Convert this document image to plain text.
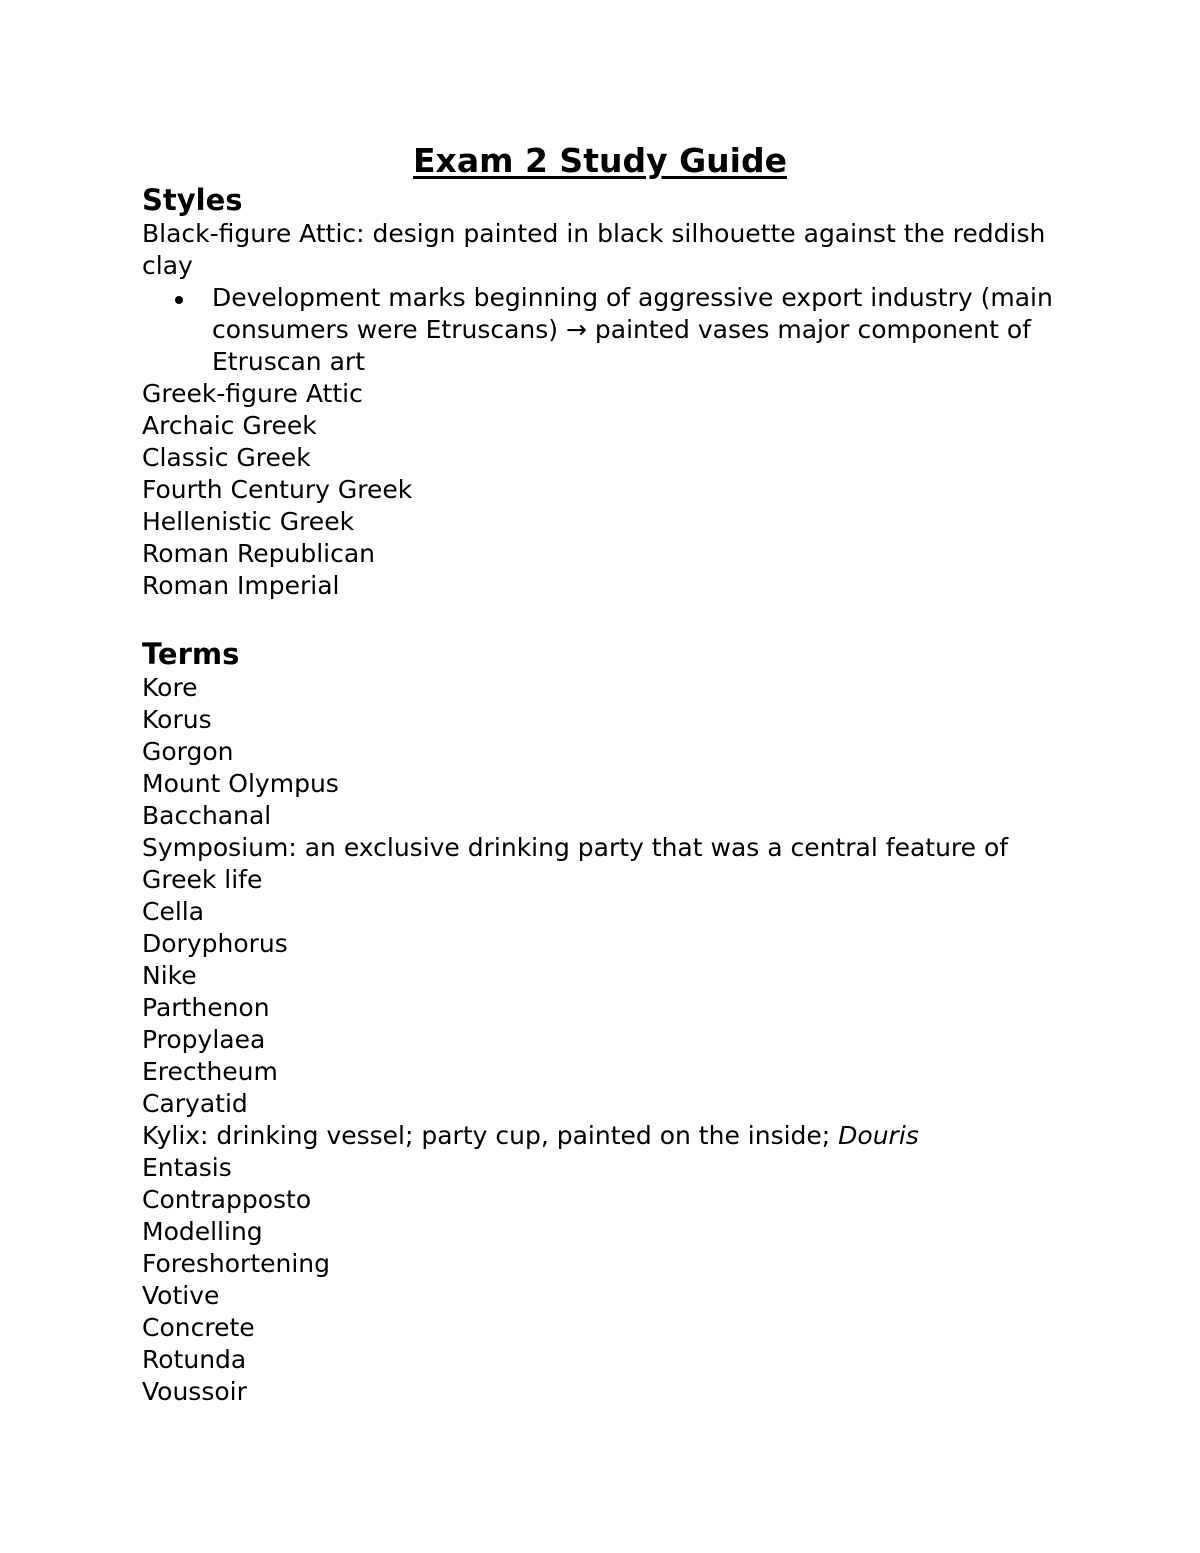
Exam 2 Study Guide
Styles

Black-figure Attic: design painted in black silhouette against the reddish clay

Development marks beginning of aggressive export industry (main consumers were Etruscans) → painted vases major component of Etruscan art

Greek-figure Attic

Archaic Greek

Classic Greek

Fourth Century Greek

Hellenistic Greek

Roman Republican

Roman Imperial

Terms

Kore

Korus

Gorgon

Mount Olympus

Bacchanal

Symposium: an exclusive drinking party that was a central feature of Greek life

Cella

Doryphorus

Nike

Parthenon

Propylaea

Erectheum

Caryatid

Kylix: drinking vessel; party cup, painted on the inside; Douris

Entasis

Contrapposto

Modelling

Foreshortening

Votive

Concrete

Rotunda

Voussoir
